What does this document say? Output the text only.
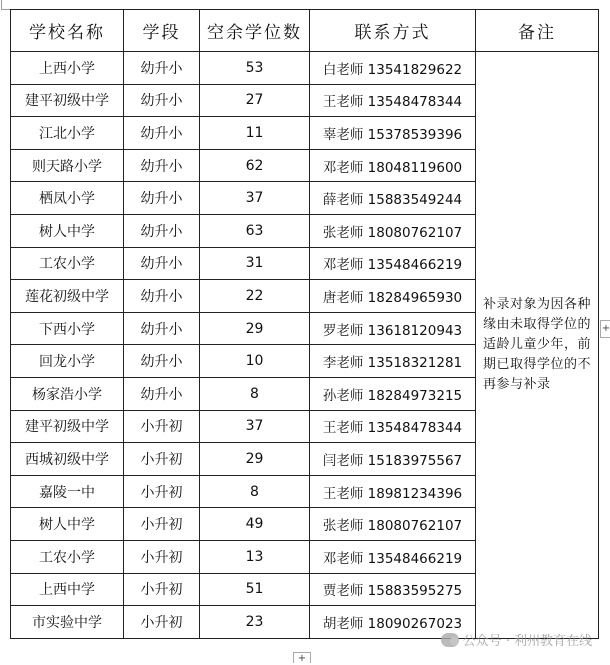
学校名称	学段	空余学位数	联系方式	备注
上西小学	幼升小	53	白老师 13541829622	补录对象为因各种缘由未取得学位的适龄儿童少年，前期已取得学位的不再参与补录
建平初级中学	幼升小	27	王老师 13548478344	
江北小学	幼升小	11	辜老师 15378539396	
则天路小学	幼升小	62	邓老师 18048119600	
栖凤小学	幼升小	37	薛老师 15883549244	
树人中学	幼升小	63	张老师 18080762107	
工农小学	幼升小	31	邓老师 13548466219	
莲花初级中学	幼升小	22	唐老师 18284965930	
下西小学	幼升小	29	罗老师 13618120943	
回龙小学	幼升小	10	李老师 13518321281	
杨家浩小学	幼升小	8	孙老师 18284973215	
建平初级中学	小升初	37	王老师 13548478344	
西城初级中学	小升初	29	闫老师 15183975567	
嘉陵一中	小升初	8	王老师 18981234396	
树人中学	小升初	49	张老师 18080762107	
工农小学	小升初	13	邓老师 13548466219	
上西中学	小升初	51	贾老师 15883595275	
市实验中学	小升初	23	胡老师 18090267023	
+
+
公众号 · 利州教育在线
